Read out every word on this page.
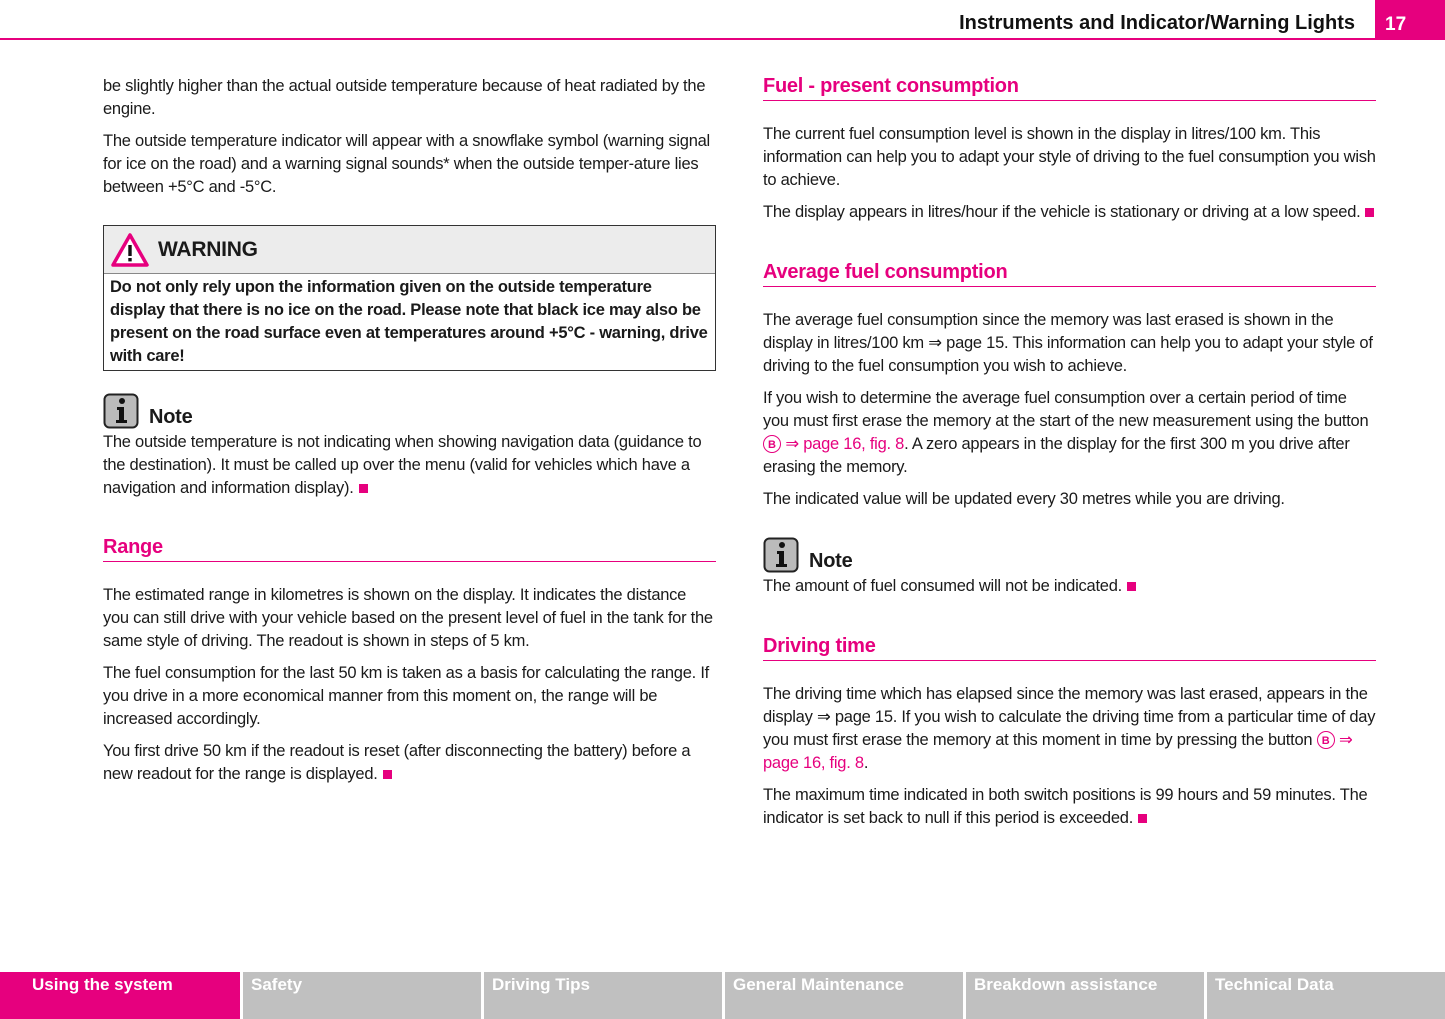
Instruments and Indicator/Warning Lights	17

be slightly higher than the actual outside temperature because of heat radiated by the engine.

The outside temperature indicator will appear with a snowflake symbol (warning signal for ice on the road) and a warning signal sounds* when the outside temper-ature lies between +5°C and -5°C.

WARNING
Do not only rely upon the information given on the outside temperature display that there is no ice on the road. Please note that black ice may also be present on the road surface even at temperatures around +5°C - warning, drive with care!
Note

The outside temperature is not indicating when showing navigation data (guidance to the destination). It must be called up over the menu (valid for vehicles which have a navigation and information display).

Range

The estimated range in kilometres is shown on the display. It indicates the distance you can still drive with your vehicle based on the present level of fuel in the tank for the same style of driving. The readout is shown in steps of 5 km.

The fuel consumption for the last 50 km is taken as a basis for calculating the range. If you drive in a more economical manner from this moment on, the range will be increased accordingly.

You first drive 50 km if the readout is reset (after disconnecting the battery) before a new readout for the range is displayed.

Fuel - present consumption

The current fuel consumption level is shown in the display in litres/100 km. This information can help you to adapt your style of driving to the fuel consumption you wish to achieve.

The display appears in litres/hour if the vehicle is stationary or driving at a low speed.

Average fuel consumption

The average fuel consumption since the memory was last erased is shown in the display in litres/100 km ⇒ page 15. This information can help you to adapt your style of driving to the fuel consumption you wish to achieve.

If you wish to determine the average fuel consumption over a certain period of time you must first erase the memory at the start of the new measurement using the button B ⇒ page 16, fig. 8. A zero appears in the display for the first 300 m you drive after erasing the memory.

The indicated value will be updated every 30 metres while you are driving.

Note

The amount of fuel consumed will not be indicated.

Driving time

The driving time which has elapsed since the memory was last erased, appears in the display ⇒ page 15. If you wish to calculate the driving time from a particular time of day you must first erase the memory at this moment in time by pressing the button B ⇒ page 16, fig. 8.

The maximum time indicated in both switch positions is 99 hours and 59 minutes. The indicator is set back to null if this period is exceeded.

Using the system	Safety	Driving Tips	General Maintenance	Breakdown assistance	Technical Data
